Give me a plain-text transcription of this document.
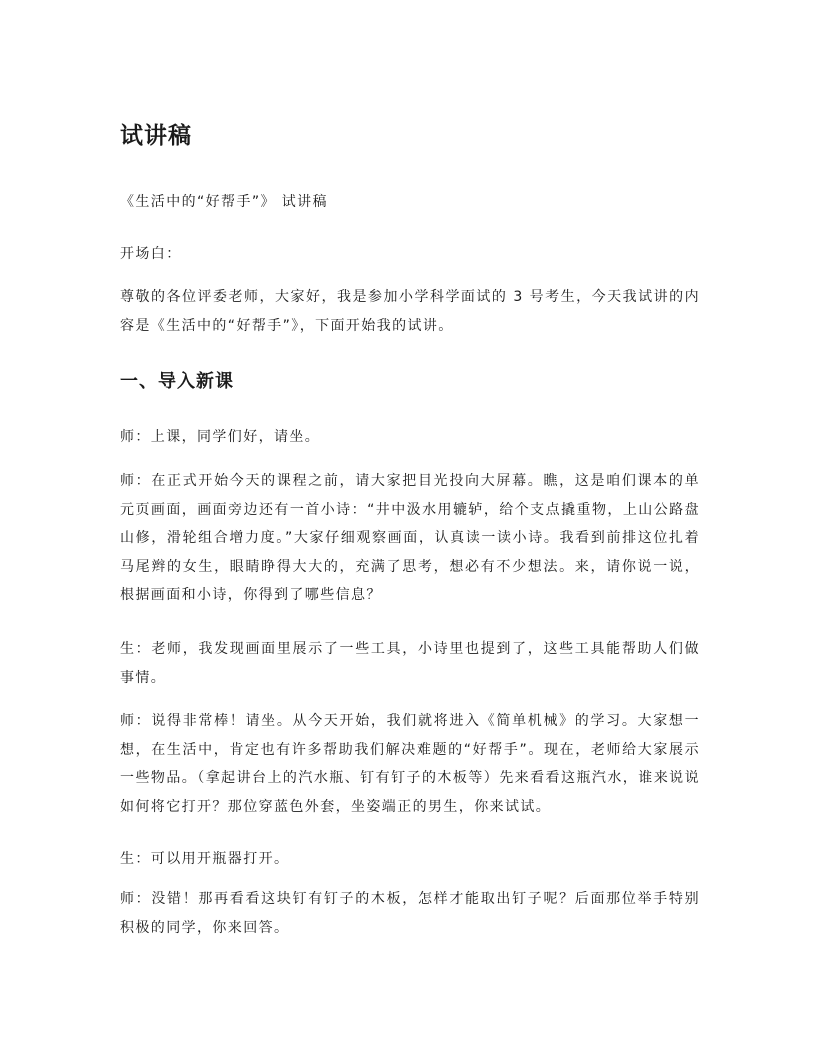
试讲稿

《生活中的“好帮手”》 试讲稿

开场白：

尊敬的各位评委老师，大家好，我是参加小学科学面试的 3 号考生，今天我试讲的内容是《生活中的“好帮手”》，下面开始我的试讲。

一、导入新课

师：上课，同学们好，请坐。

师：在正式开始今天的课程之前，请大家把目光投向大屏幕。瞧，这是咱们课本的单元页画面，画面旁边还有一首小诗：“井中汲水用辘轳，给个支点撬重物，上山公路盘山修，滑轮组合增力度。”大家仔细观察画面，认真读一读小诗。我看到前排这位扎着马尾辫的女生，眼睛睁得大大的，充满了思考，想必有不少想法。来，请你说一说，根据画面和小诗，你得到了哪些信息？

生：老师，我发现画面里展示了一些工具，小诗里也提到了，这些工具能帮助人们做事情。

师：说得非常棒！请坐。从今天开始，我们就将进入《简单机械》的学习。大家想一想，在生活中，肯定也有许多帮助我们解决难题的“好帮手”。现在，老师给大家展示一些物品。（拿起讲台上的汽水瓶、钉有钉子的木板等）先来看看这瓶汽水，谁来说说如何将它打开？那位穿蓝色外套，坐姿端正的男生，你来试试。

生：可以用开瓶器打开。

师：没错！那再看看这块钉有钉子的木板，怎样才能取出钉子呢？后面那位举手特别积极的同学，你来回答。
